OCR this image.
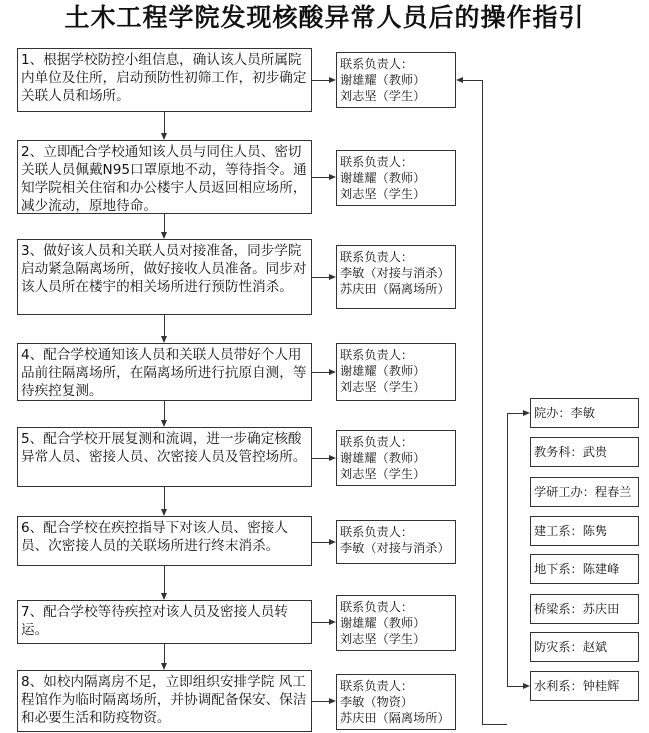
土木工程学院发现核酸异常人员后的操作指引
1、根据学校防控小组信息，确认该人员所属院内单位及住所，启动预防性初筛工作，初步确定关联人员和场所。
2、立即配合学校通知该人员与同住人员、密切关联人员佩戴N95口罩原地不动，等待指令。通知学院相关住宿和办公楼宇人员返回相应场所，减少流动，原地待命。
3、做好该人员和关联人员对接准备，同步学院启动紧急隔离场所，做好接收人员准备。同步对该人员所在楼宇的相关场所进行预防性消杀。
4、配合学校通知该人员和关联人员带好个人用品前往隔离场所，在隔离场所进行抗原自测，等待疾控复测。
5、配合学校开展复测和流调，进一步确定核酸异常人员、密接人员、次密接人员及管控场所。
6、配合学校在疾控指导下对该人员、密接人员、次密接人员的关联场所进行终末消杀。
7、配合学校等待疾控对该人员及密接人员转运。
8、如校内隔离房不足，立即组织安排学院 风工程馆作为临时隔离场所，并协调配备保安、保洁和必要生活和防疫物资。
联系负责人：
谢雄耀（教师）
刘志坚（学生）
联系负责人：
谢雄耀（教师）
刘志坚（学生）
联系负责人：
李敏（对接与消杀）
苏庆田（隔离场所）
联系负责人：
谢雄耀（教师）
刘志坚（学生）
联系负责人：
谢雄耀（教师）
刘志坚（学生）
联系负责人：
李敏（对接与消杀）
联系负责人：
谢雄耀（教师）
刘志坚（学生）
联系负责人：
李敏（物资）
苏庆田（隔离场所）
院办：李敏
教务科：武贵
学研工办：程春兰
建工系：陈隽
地下系：陈建峰
桥梁系：苏庆田
防灾系：赵斌
水利系：钟桂辉
